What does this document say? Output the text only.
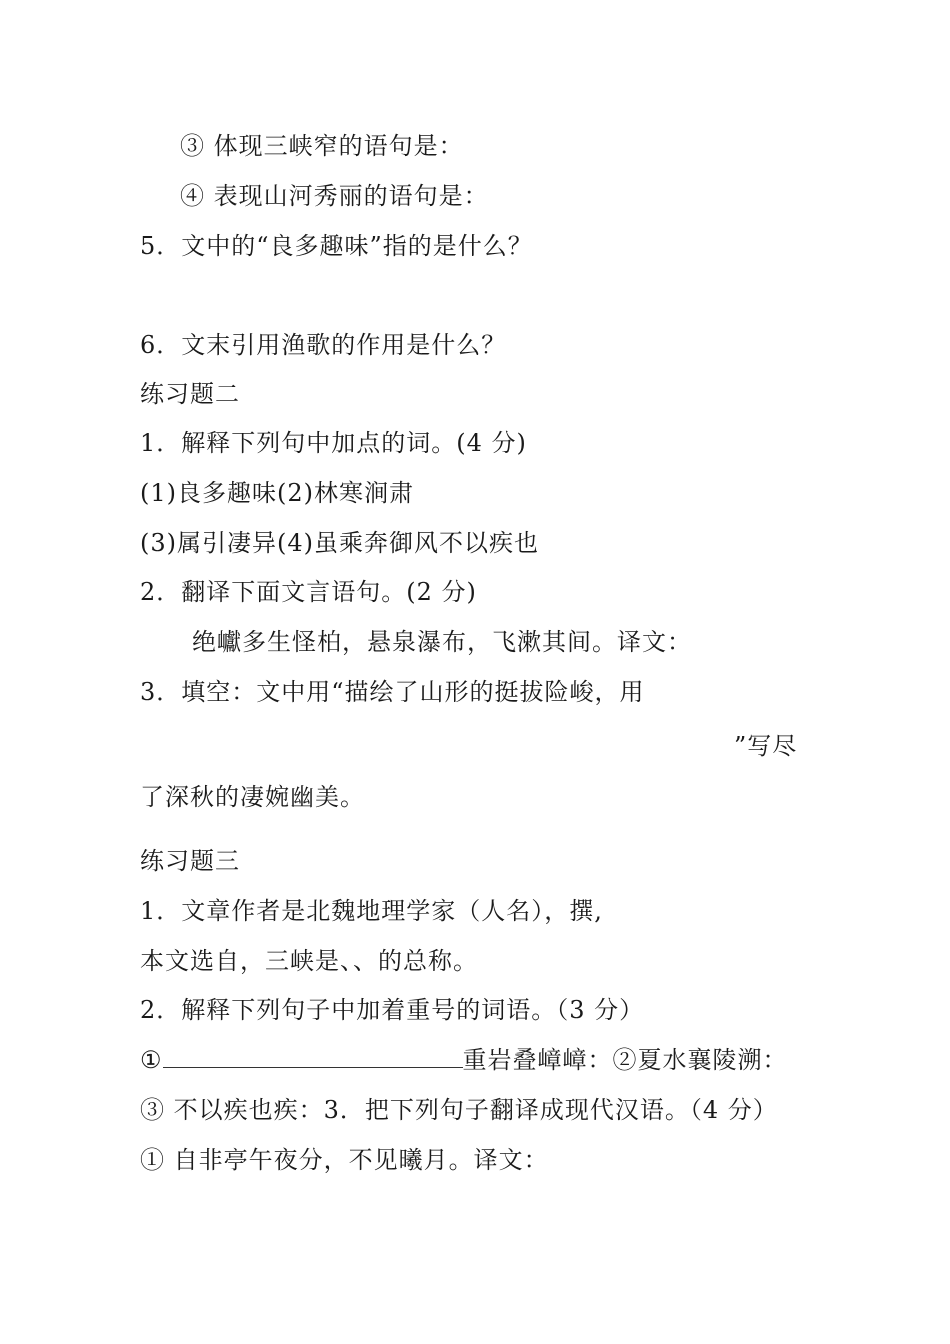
③ 体现三峡窄的语句是：
④ 表现山河秀丽的语句是：
5．文中的“良多趣味”指的是什么？
6．文末引用渔歌的作用是什么？
练习题二
1．解释下列句中加点的词。(4 分)
(1)良多趣味(2)林寒涧肃
(3)属引凄异(4)虽乘奔御风不以疾也
2．翻译下面文言语句。(2 分)
绝巘多生怪柏，悬泉瀑布，飞漱其间。译文：
3．填空：文中用“描绘了山形的挺拔险峻，用
”写尽
了深秋的凄婉幽美。
练习题三
1．文章作者是北魏地理学家（人名），撰,
本文选自，三峡是、、的总称。
2．解释下列句子中加着重号的词语。（3 分）
①	重岩叠嶂嶂：②夏水襄陵溯：
③ 不以疾也疾：3．把下列句子翻译成现代汉语。（4 分）
① 自非亭午夜分，不见曦月。译文：
